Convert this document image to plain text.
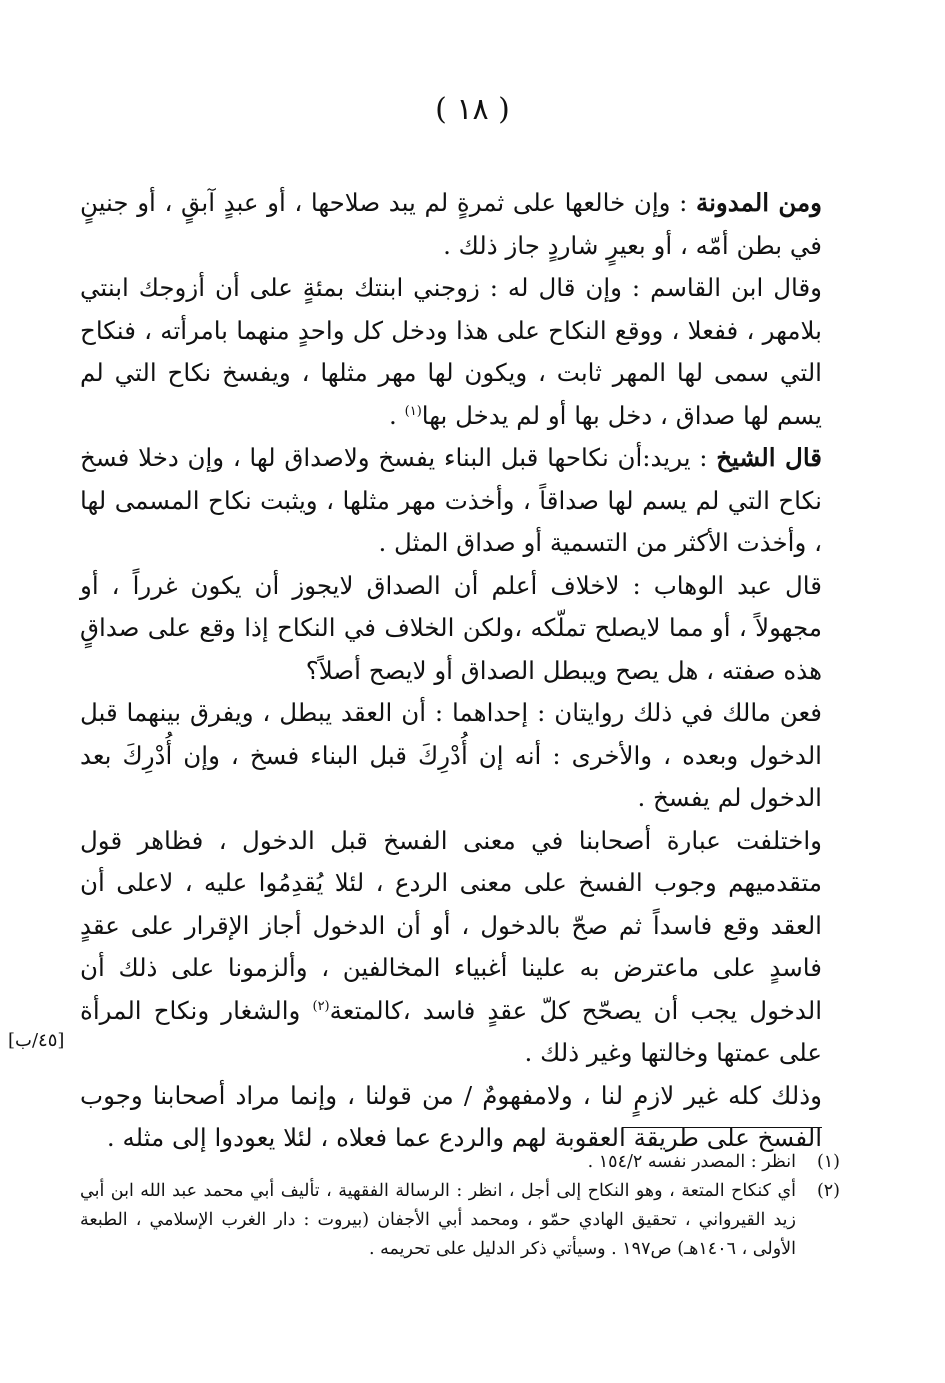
( ١٨ )

ومن المدونة : وإن خالعها على ثمرةٍ لم يبد صلاحها ، أو عبدٍ آبقٍ ، أو جنينٍ في بطن أمّه ، أو بعيرٍ شاردٍ جاز ذلك .

وقال ابن القاسم : وإن قال له : زوجني ابنتك بمئةٍ على أن أزوجك ابنتي بلامهر ، ففعلا ، ووقع النكاح على هذا ودخل كل واحدٍ منهما بامرأته ، فنكاح التي سمى لها المهر ثابت ، ويكون لها مهر مثلها ، ويفسخ نكاح التي لم يسم لها صداق ، دخل بها أو لم يدخل بها$^{(١)}$ .

قال الشيخ : يريد:أن نكاحها قبل البناء يفسخ ولاصداق لها ، وإن دخلا فسخ نكاح التي لم يسم لها صداقاً ، وأخذت مهر مثلها ، ويثبت نكاح المسمى لها ، وأخذت الأكثر من التسمية أو صداق المثل .

قال عبد الوهاب : لاخلاف أعلم أن الصداق لايجوز أن يكون غرراً ، أو مجهولاً ، أو مما لايصلح تملّكه ،ولكن الخلاف في النكاح إذا وقع على صداقٍ هذه صفته ، هل يصح ويبطل الصداق أو لايصح أصلاً؟

فعن مالك في ذلك روايتان : إحداهما : أن العقد يبطل ، ويفرق بينهما قبل الدخول وبعده ، والأخرى : أنه إن أُدْرِكَ قبل البناء فسخ ، وإن أُدْرِكَ بعد الدخول لم يفسخ .

واختلفت عبارة أصحابنا في معنى الفسخ قبل الدخول ، فظاهر قول متقدميهم وجوب الفسخ على معنى الردع ، لئلا يُقدِمُوا عليه ، لاعلى أن العقد وقع فاسداً ثم صحّ بالدخول ، أو أن الدخول أجاز الإقرار على عقدٍ فاسدٍ على ماعترض به علينا أغبياء المخالفين ، وألزمونا على ذلك أن الدخول يجب أن يصحّح كلّ عقدٍ فاسد ،كالمتعة$^{(٢)}$ والشغار ونكاح المرأة على عمتها وخالتها وغير ذلك .

وذلك كله غير لازمٍ لنا ، ولامفهومٌ / من قولنا ، وإنما مراد أصحابنا وجوب الفسخ على طريقة العقوبة لهم والردع عما فعلاه ، لئلا يعودوا إلى مثله .

[٤٥/ب]
(١)
انظر : المصدر نفسه ١٥٤/٢ .
(٢)
أي كنكاح المتعة ، وهو النكاح إلى أجل ، انظر : الرسالة الفقهية ، تأليف أبي محمد عبد الله ابن أبي زيد القيرواني ، تحقيق الهادي حمّو ، ومحمد أبي الأجفان (بيروت : دار الغرب الإسلامي ، الطبعة الأولى ، ١٤٠٦هـ) ص١٩٧ . وسيأتي ذكر الدليل على تحريمه .
